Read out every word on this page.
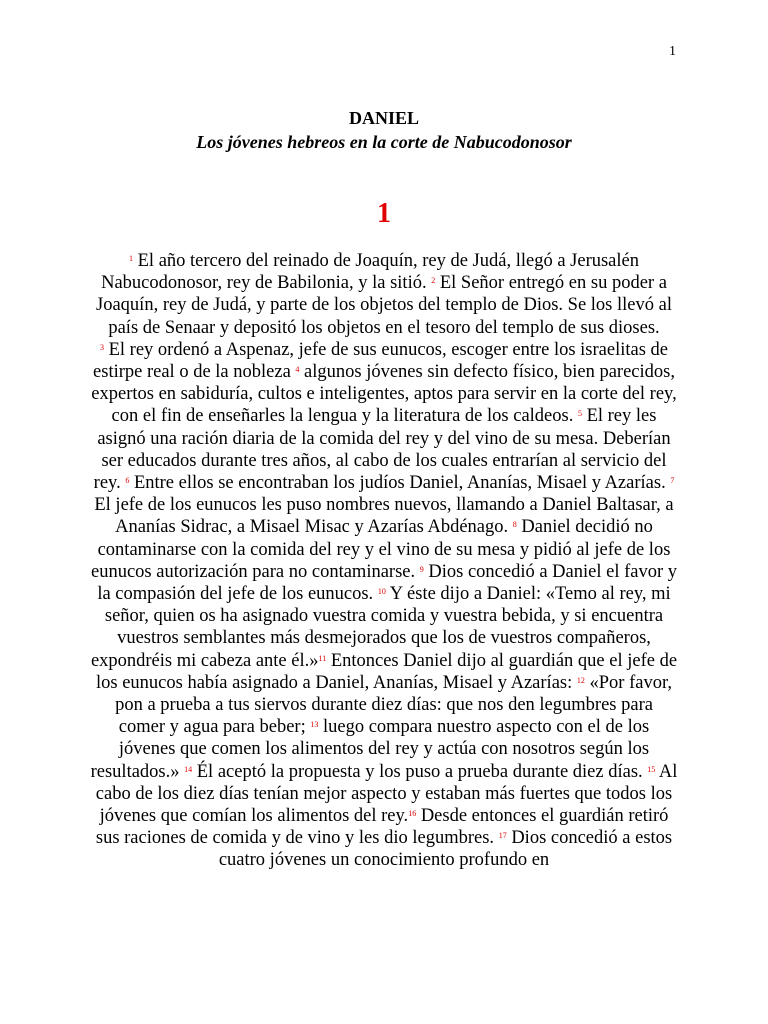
1
DANIEL
Los jóvenes hebreos en la corte de Nabucodonosor
1

$^1$ El año tercero del reinado de Joaquín, rey de Judá, llegó a Jerusalén Nabucodonosor, rey de Babilonia, y la sitió. $^2$ El Señor entregó en su poder a Joaquín, rey de Judá, y parte de los objetos del templo de Dios. Se los llevó al país de Senaar y depositó los objetos en el tesoro del templo de sus dioses.

$^3$ El rey ordenó a Aspenaz, jefe de sus eunucos, escoger entre los israelitas de estirpe real o de la nobleza $^4$ algunos jóvenes sin defecto físico, bien parecidos, expertos en sabiduría, cultos e inteligentes, aptos para servir en la corte del rey, con el fin de enseñarles la lengua y la literatura de los caldeos. $^5$ El rey les asignó una ración diaria de la comida del rey y del vino de su mesa. Deberían ser educados durante tres años, al cabo de los cuales entrarían al servicio del rey. $^6$ Entre ellos se encontraban los judíos Daniel, Ananías, Misael y Azarías. $^7$ El jefe de los eunucos les puso nombres nuevos, llamando a Daniel Baltasar, a Ananías Sidrac, a Misael Misac y Azarías Abdénago. $^8$ Daniel decidió no contaminarse con la comida del rey y el vino de su mesa y pidió al jefe de los eunucos autorización para no contaminarse. $^9$ Dios concedió a Daniel el favor y la compasión del jefe de los eunucos. $^{10}$ Y éste dijo a Daniel: «Temo al rey, mi señor, quien os ha asignado vuestra comida y vuestra bebida, y si encuentra vuestros semblantes más desmejorados que los de vuestros compañeros, expondréis mi cabeza ante él.»$^{11}$ Entonces Daniel dijo al guardián que el jefe de los eunucos había asignado a Daniel, Ananías, Misael y Azarías: $^{12}$ «Por favor, pon a prueba a tus siervos durante diez días: que nos den legumbres para comer y agua para beber; $^{13}$ luego compara nuestro aspecto con el de los jóvenes que comen los alimentos del rey y actúa con nosotros según los resultados.» $^{14}$ Él aceptó la propuesta y los puso a prueba durante diez días. $^{15}$ Al cabo de los diez días tenían mejor aspecto y estaban más fuertes que todos los jóvenes que comían los alimentos del rey.$^{16}$ Desde entonces el guardián retiró sus raciones de comida y de vino y les dio legumbres. $^{17}$ Dios concedió a estos cuatro jóvenes un conocimiento profundo en
